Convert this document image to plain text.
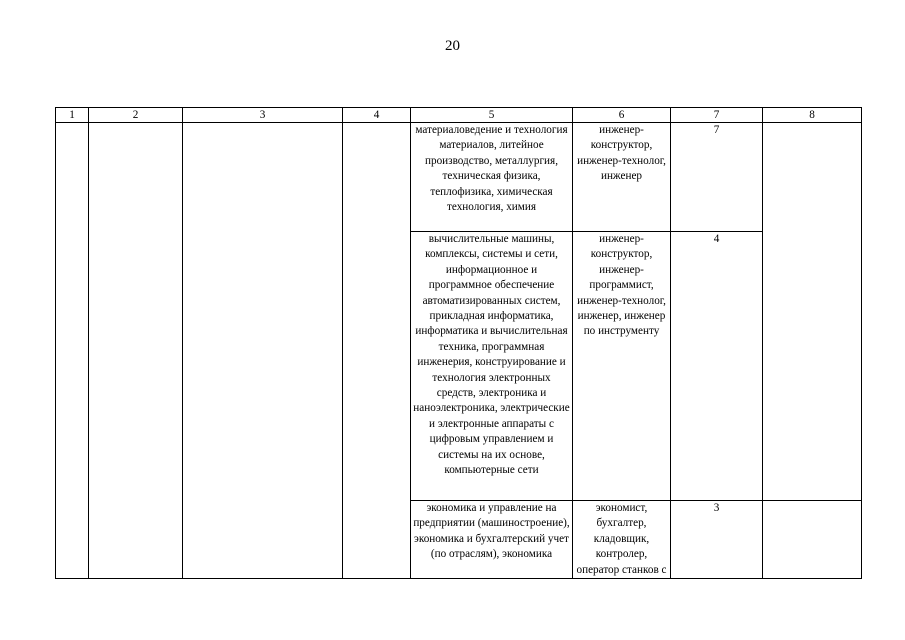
20
1	2	3	4	5	6	7	8

				материаловедение и технология материалов, литейное производство, металлургия, техническая физика, теплофизика, химическая технология, химия	инженер-конструктор, инженер-технолог, инженер	7	

				вычислительные машины, комплексы, системы и сети, информационное и программное обеспечение автоматизированных систем, прикладная информатика, информатика и вычислительная техника, программная инженерия, конструирование и технология электронных средств, электроника и наноэлектроника, электрические и электронные аппараты с цифровым управлением и системы на их основе, компьютерные сети	инженер-конструктор, инженер-программист, инженер-технолог, инженер, инженер по инструменту	4	

				экономика и управление на предприятии (машиностроение), экономика и бухгалтерский учет (по отраслям), экономика	экономист, бухгалтер, кладовщик, контролер, оператор станков с	3	
